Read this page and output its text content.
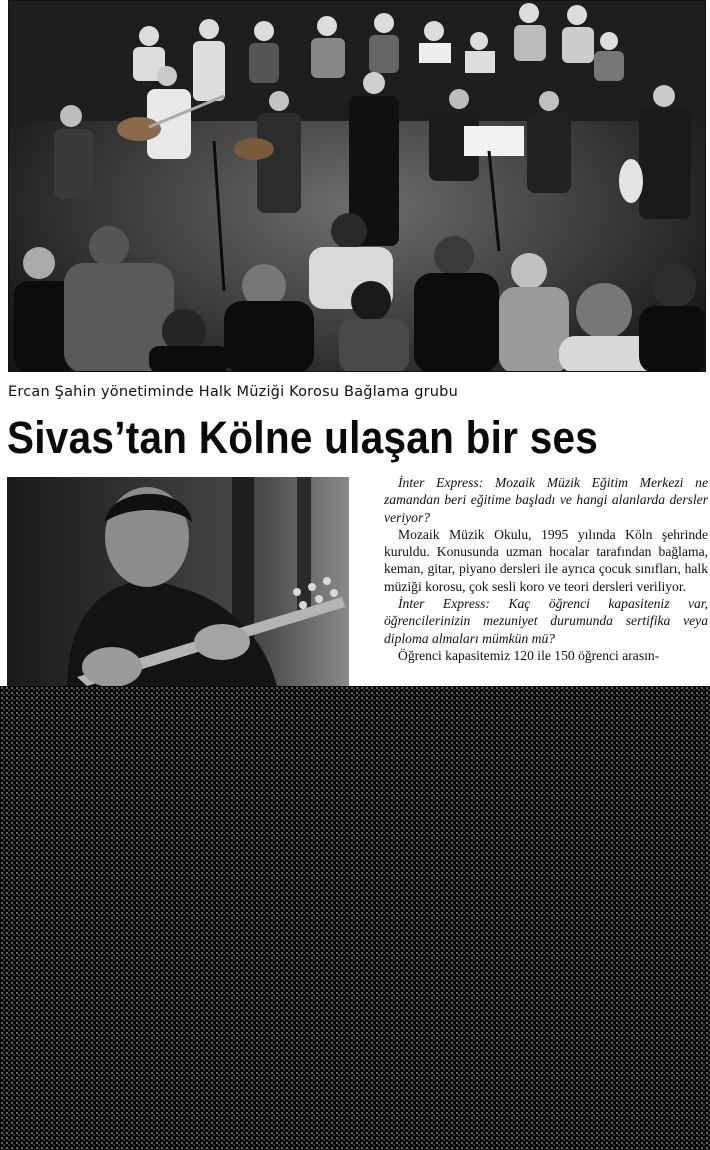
Ercan Şahin yönetiminde Halk Müziği Korosu Bağlama grubu
Sivas’tan Kölne ulaşan bir ses

İnter Express: Mozaik Müzik Eğitim Merkezi ne zamandan beri eğitime başladı ve hangi alanlarda dersler veriyor?

Mozaik Müzik Okulu, 1995 yılında Köln şehrinde kuruldu. Konusunda uzman hocalar tarafından bağlama, keman, gitar, piyano dersleri ile ayrıca çocuk sınıfları, halk müziği korosu, çok sesli koro ve teori dersleri veriliyor.

İnter Express: Kaç öğrenci kapasiteniz var, öğrencilerinizin mezuniyet durumunda sertifika veya diploma almaları mümkün mü?

Öğrenci kapasitemiz 120 ile 150 öğrenci arasın-
